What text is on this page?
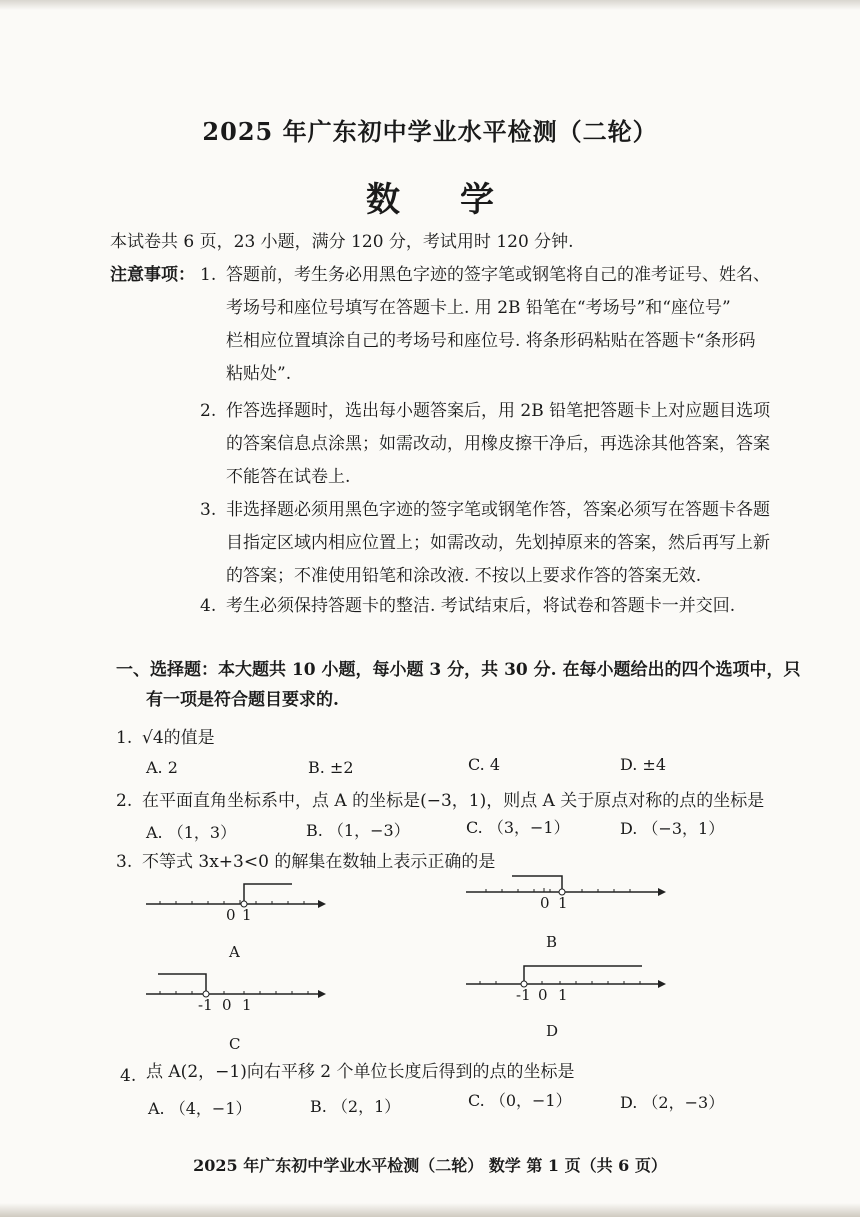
2025 年广东初中学业水平检测（二轮）
数学
本试卷共 6 页，23 小题，满分 120 分，考试用时 120 分钟.
注意事项： 1. 答题前，考生务必用黑色字迹的签字笔或钢笔将自己的准考证号、姓名、
考场号和座位号填写在答题卡上. 用 2B 铅笔在“考场号”和“座位号”
栏相应位置填涂自己的考场号和座位号. 将条形码粘贴在答题卡“条形码
粘贴处”.
2. 作答选择题时，选出每小题答案后，用 2B 铅笔把答题卡上对应题目选项
的答案信息点涂黑；如需改动，用橡皮擦干净后，再选涂其他答案，答案
不能答在试卷上.
3. 非选择题必须用黑色字迹的签字笔或钢笔作答，答案必须写在答题卡各题
目指定区域内相应位置上；如需改动，先划掉原来的答案，然后再写上新
的答案；不准使用铅笔和涂改液. 不按以上要求作答的答案无效.
4. 考生必须保持答题卡的整洁. 考试结束后，将试卷和答题卡一并交回.
一、选择题：本大题共 10 小题，每小题 3 分，共 30 分. 在每小题给出的四个选项中，只
有一项是符合题目要求的.
1. √4的值是
A. 2	B. ±2	C. 4	D. ±4
2. 在平面直角坐标系中，点 A 的坐标是(−3，1)，则点 A 关于原点对称的点的坐标是
A. （1，3）	B. （1，−3）	C. （3，−1）	D. （−3，1）
3. 不等式 3x+3<0 的解集在数轴上表示正确的是
0 1
A
0 1
B
-1 0 1
C
-1 0 1
D
4. 点 A(2，−1)向右平移 2 个单位长度后得到的点的坐标是
A. （4，−1）	B. （2，1）	C. （0，−1）	D. （2，−3）
2025 年广东初中学业水平检测（二轮） 数学 第 1 页（共 6 页）
